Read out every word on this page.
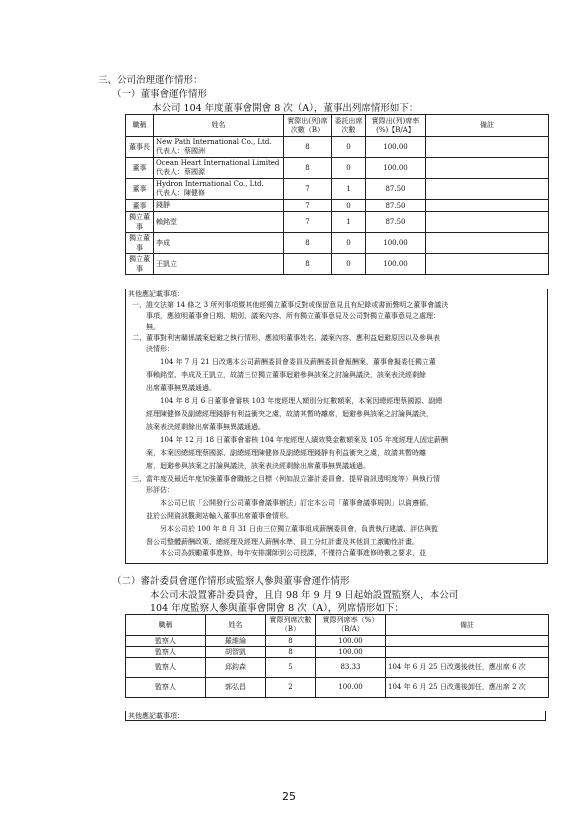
三、公司治理運作情形：
（一）董事會運作情形
本公司 104 年度董事會開會 8 次（A），董事出列席情形如下：
職稱	姓名	實際出(列)席次數（B）	委託出席次數	實際出(列)席率(%)【B/A】	備註
董事長	New Path International Co., Ltd.
代表人：蔡國洲	8	0	100.00	
董事	Ocean Heart International Limited
代表人：蔡國源	8	0	100.00	
董事	Hydron International Co., Ltd.
代表人：陳健修	7	1	87.50	
董事	錢靜	7	0	87.50	
獨立董事	賴銘堂	7	1	87.50	
獨立董事	李成	8	0	100.00	
獨立董事	王凱立	8	0	100.00	
其他應記載事項：
一、證交法第 14 條之 3 所列事項暨其他經獨立董事反對或保留意見且有紀錄或書面聲明之董事會議決
事項，應敘明董事會日期、期別、議案內容、所有獨立董事意見及公司對獨立董事意見之處理：
無。
二、董事對利害關係議案迴避之執行情形，應敘明董事姓名、議案內容、應利益迴避原因以及參與表
決情形：
104 年 7 月 21 日改選本公司薪酬委員會委員及薪酬委員會報酬案，董事會擬委任獨立董
事賴銘堂、李成及王凱立，故請三位獨立董事迴避參與該案之討論與議決，該案表決經剩餘
出席董事無異議通過。
104 年 8 月 6 日董事會審核 103 年度經理人額別分紅數額案，本案因總經理蔡國源、副總
經理陳健修及副總經理錢靜有利益衝突之虞，故請其暫時離席，迴避參與該案之討論與議決，
該案表決經剩餘出席董事無異議通過。
104 年 12 月 18 日董事會審核 104 年度經理人績效獎金數額案及 105 年度經理人固定薪酬
案，本案因總經理蔡國源、副總經理陳健修及副總經理錢靜有利益衝突之虞，故請其暫時離
席，迴避參與該案之討論與議決，該案表決經剩餘出席董事無異議通過。
三、當年度及最近年度加強董事會職能之目標（例如設立審計委員會、提昇資訊透明度等）與執行情
形評估：
本公司已依「公開發行公司董事會議事辦法」訂定本公司「董事會議事規則」以資遵循，
並於公開資訊觀測站輸入董事出席董事會情形。
另本公司於 100 年 8 月 31 日由三位獨立董事組成薪酬委員會，負責執行建議、評估與監
督公司整體薪酬政策、總經理及經理人薪酬水準、員工分紅計畫及其他員工激勵性計畫。
本公司為鼓勵董事進修，每年安排講師到公司授課，不僅符合董事進修時數之要求，並
（二）審計委員會運作情形或監察人參與董事會運作情形
本公司未設置審計委員會，且自 98 年 9 月 9 日起始設置監察人，本公司
104 年度監察人參與董事會開會 8 次（A），列席情形如下：
職稱	姓名	實際列席次數（B）	實際列席率（%）（B/A）	備註
監察人	羅維綸	8	100.00	
監察人	胡智凱	8	100.00	
監察人	邱鈞森	5	83.33	104 年 6 月 25 日改選後就任，應出席 6 次
監察人	郭弘昌	2	100.00	104 年 6 月 25 日改選後卸任，應出席 2 次
其他應記載事項：
25
